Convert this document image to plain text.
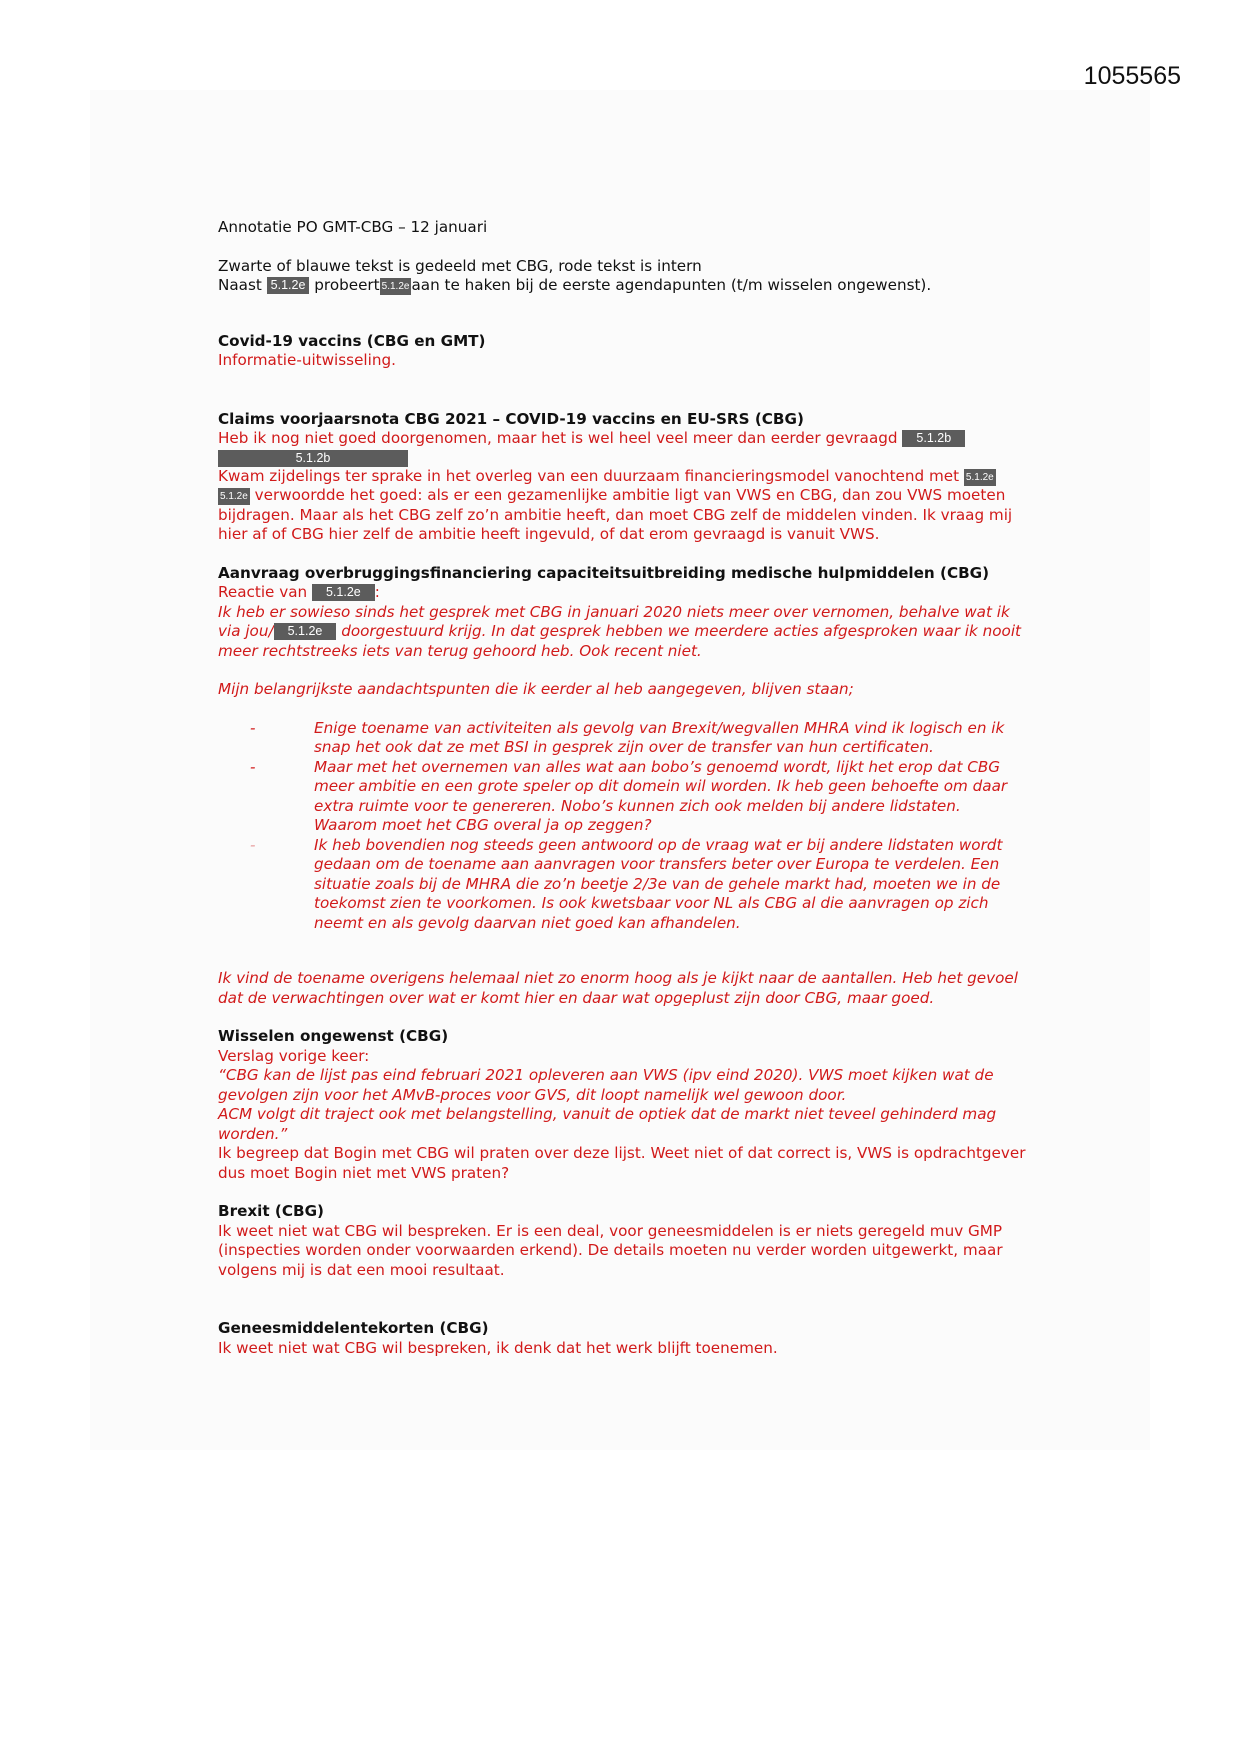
1055565

Annotatie PO GMT-CBG – 12 januari

Zwarte of blauwe tekst is gedeeld met CBG, rode tekst is intern

Naast 5.1.2e probeert 5.1.2e aan te haken bij de eerste agendapunten (t/m wisselen ongewenst).

Covid-19 vaccins (CBG en GMT)

Informatie-uitwisseling.

Claims voorjaarsnota CBG 2021 – COVID-19 vaccins en EU-SRS (CBG)

Heb ik nog niet goed doorgenomen, maar het is wel heel veel meer dan eerder gevraagd 5.1.2b
5.1.2b

Kwam zijdelings ter sprake in het overleg van een duurzaam financieringsmodel vanochtend met 5.1.2e 5.1.2e verwoordde het goed: als er een gezamenlijke ambitie ligt van VWS en CBG, dan zou VWS moeten bijdragen. Maar als het CBG zelf zo’n ambitie heeft, dan moet CBG zelf de middelen vinden. Ik vraag mij hier af of CBG hier zelf de ambitie heeft ingevuld, of dat erom gevraagd is vanuit VWS.

Aanvraag overbruggingsfinanciering capaciteitsuitbreiding medische hulpmiddelen (CBG)

Reactie van 5.1.2e :

Ik heb er sowieso sinds het gesprek met CBG in januari 2020 niets meer over vernomen, behalve wat ik via jou/ 5.1.2e doorgestuurd krijg. In dat gesprek hebben we meerdere acties afgesproken waar ik nooit meer rechtstreeks iets van terug gehoord heb. Ook recent niet.

Mijn belangrijkste aandachtspunten die ik eerder al heb aangegeven, blijven staan;

-	Enige toename van activiteiten als gevolg van Brexit/wegvallen MHRA vind ik logisch en ik snap het ook dat ze met BSI in gesprek zijn over de transfer van hun certificaten.
-	Maar met het overnemen van alles wat aan bobo’s genoemd wordt, lijkt het erop dat CBG meer ambitie en een grote speler op dit domein wil worden. Ik heb geen behoefte om daar extra ruimte voor te genereren. Nobo’s kunnen zich ook melden bij andere lidstaten. Waarom moet het CBG overal ja op zeggen?
-	Ik heb bovendien nog steeds geen antwoord op de vraag wat er bij andere lidstaten wordt gedaan om de toename aan aanvragen voor transfers beter over Europa te verdelen. Een situatie zoals bij de MHRA die zo’n beetje 2/3e van de gehele markt had, moeten we in de toekomst zien te voorkomen. Is ook kwetsbaar voor NL als CBG al die aanvragen op zich neemt en als gevolg daarvan niet goed kan afhandelen.

Ik vind de toename overigens helemaal niet zo enorm hoog als je kijkt naar de aantallen. Heb het gevoel dat de verwachtingen over wat er komt hier en daar wat opgeplust zijn door CBG, maar goed.

Wisselen ongewenst (CBG)

Verslag vorige keer:

“CBG kan de lijst pas eind februari 2021 opleveren aan VWS (ipv eind 2020). VWS moet kijken wat de gevolgen zijn voor het AMvB-proces voor GVS, dit loopt namelijk wel gewoon door.

ACM volgt dit traject ook met belangstelling, vanuit de optiek dat de markt niet teveel gehinderd mag worden.”

Ik begreep dat Bogin met CBG wil praten over deze lijst. Weet niet of dat correct is, VWS is opdrachtgever dus moet Bogin niet met VWS praten?

Brexit (CBG)

Ik weet niet wat CBG wil bespreken. Er is een deal, voor geneesmiddelen is er niets geregeld muv GMP (inspecties worden onder voorwaarden erkend). De details moeten nu verder worden uitgewerkt, maar volgens mij is dat een mooi resultaat.

Geneesmiddelentekorten (CBG)

Ik weet niet wat CBG wil bespreken, ik denk dat het werk blijft toenemen.
